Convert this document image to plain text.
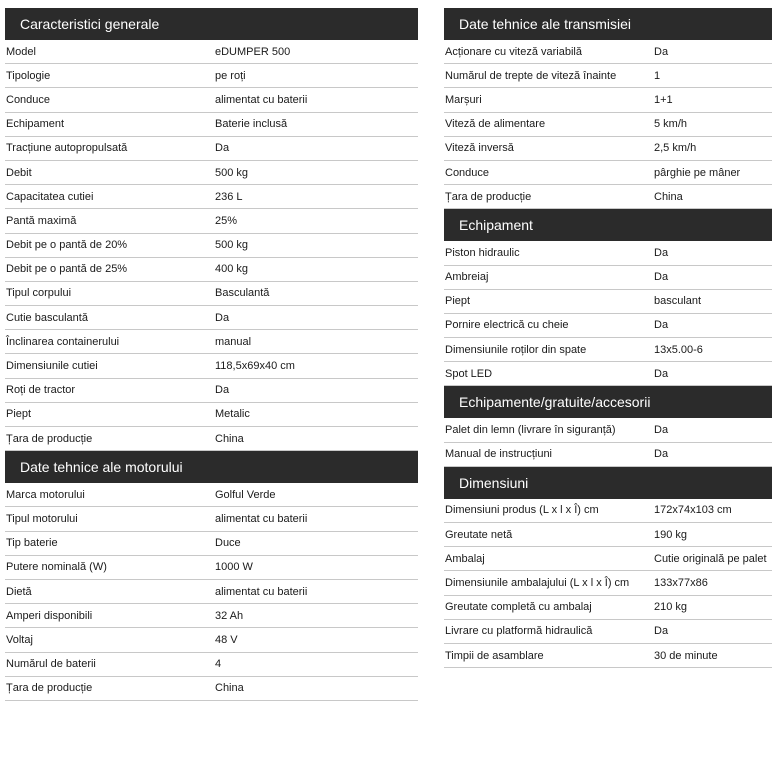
Caracteristici generale
Model	eDUMPER 500
Tipologie	pe roți
Conduce	alimentat cu baterii
Echipament	Baterie inclusă
Tracțiune autopropulsată	Da
Debit	500 kg
Capacitatea cutiei	236 L
Pantă maximă	25%
Debit pe o pantă de 20%	500 kg
Debit pe o pantă de 25%	400 kg
Tipul corpului	Basculantă
Cutie basculantă	Da
Înclinarea containerului	manual
Dimensiunile cutiei	118,5x69x40 cm
Roți de tractor	Da
Piept	Metalic
Țara de producție	China
Date tehnice ale motorului
Marca motorului	Golful Verde
Tipul motorului	alimentat cu baterii
Tip baterie	Duce
Putere nominală (W)	1000 W
Dietă	alimentat cu baterii
Amperi disponibili	32 Ah
Voltaj	48 V
Numărul de baterii	4
Țara de producție	China
Date tehnice ale transmisiei
Acționare cu viteză variabilă	Da
Numărul de trepte de viteză înainte	1
Marșuri	1+1
Viteză de alimentare	5 km/h
Viteză inversă	2,5 km/h
Conduce	pârghie pe mâner
Țara de producție	China
Echipament
Piston hidraulic	Da
Ambreiaj	Da
Piept	basculant
Pornire electrică cu cheie	Da
Dimensiunile roților din spate	13x5.00-6
Spot LED	Da
Echipamente/gratuite/accesorii
Palet din lemn (livrare în siguranță)	Da
Manual de instrucțiuni	Da
Dimensiuni
Dimensiuni produs (L x l x Î) cm	172x74x103 cm
Greutate netă	190 kg
Ambalaj	Cutie originală pe palet
Dimensiunile ambalajului (L x l x Î) cm	133x77x86
Greutate completă cu ambalaj	210 kg
Livrare cu platformă hidraulică	Da
Timpii de asamblare	30 de minute
